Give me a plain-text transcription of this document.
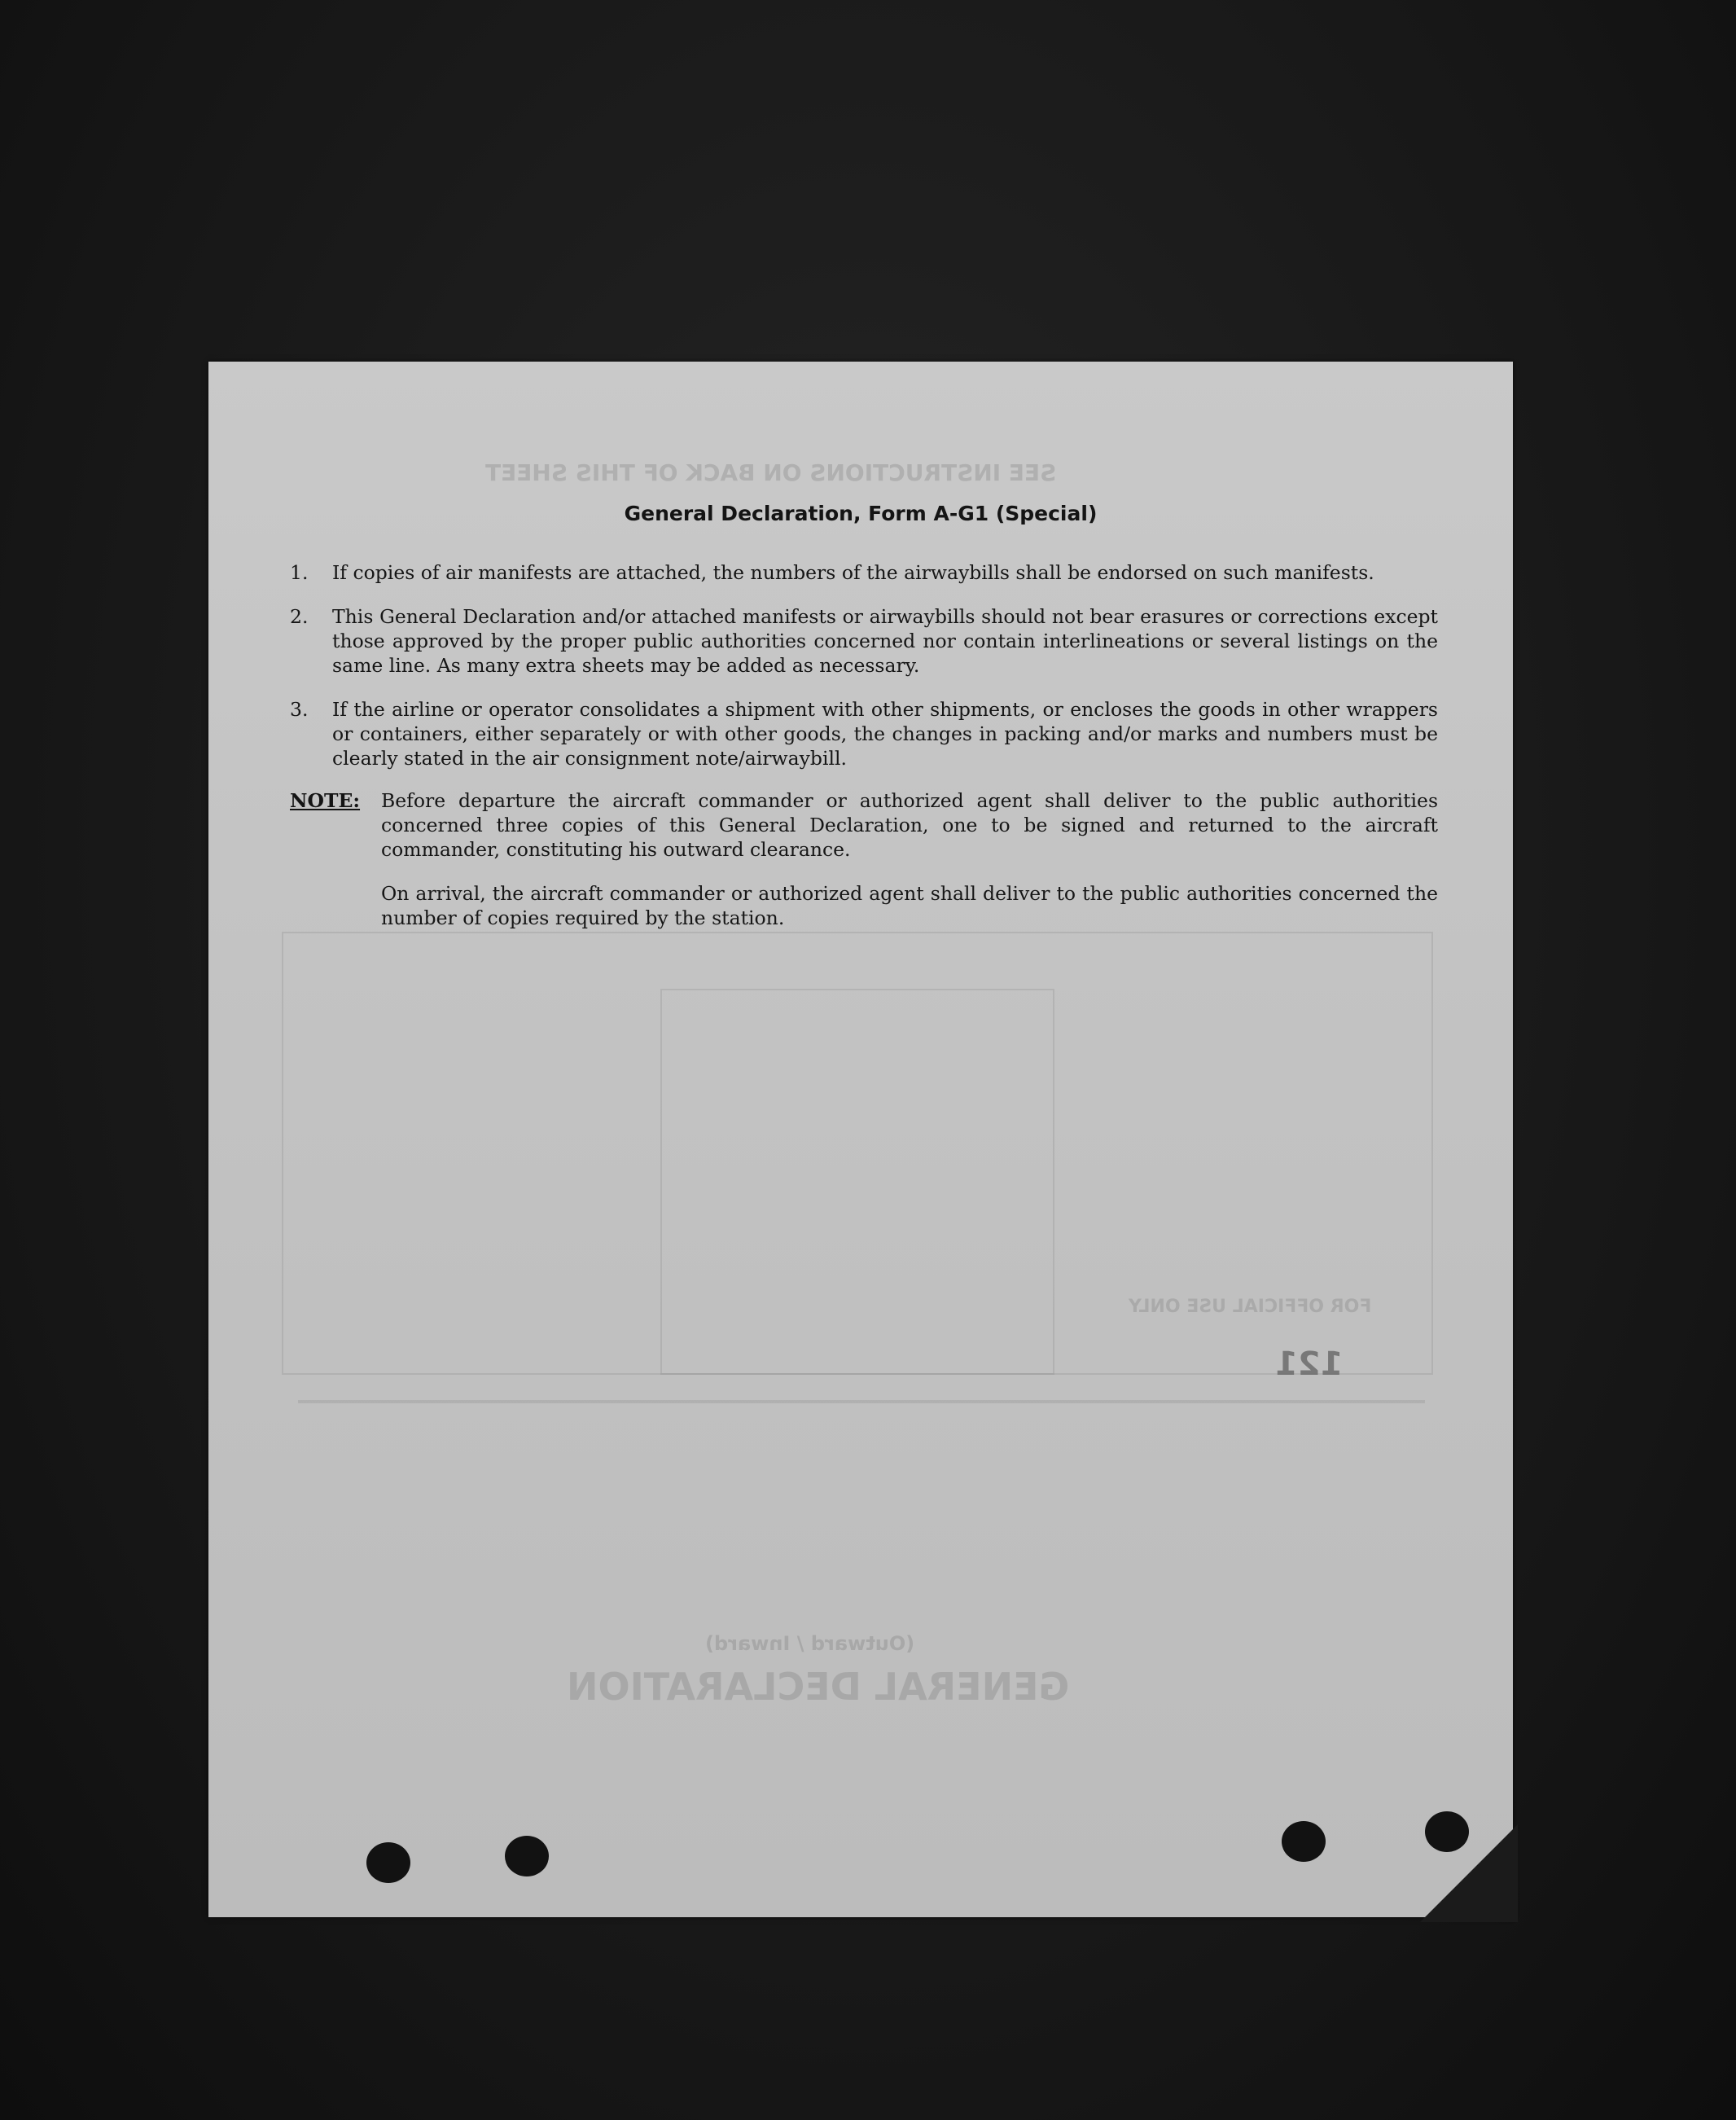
SEE INSTRUCTIONS ON BACK OF THIS SHEET
GENERAL DECLARATION
(Outward / Inward)
FOR OFFICIAL USE ONLY
121
General Declaration, Form A-G1 (Special)
1.	If copies of air manifests are attached, the numbers of the airwaybills shall be endorsed on such manifests.
2.	This General Declaration and/or attached manifests or airwaybills should not bear erasures or corrections except those approved by the proper public authorities concerned nor contain interlineations or several listings on the same line. As many extra sheets may be added as necessary.
3.	If the airline or operator consolidates a shipment with other shipments, or encloses the goods in other wrappers or containers, either separately or with other goods, the changes in packing and/or marks and numbers must be clearly stated in the air consignment note/airwaybill.
NOTE: Before departure the aircraft commander or authorized agent shall deliver to the public authorities concerned three copies of this General Declaration, one to be signed and returned to the aircraft commander, constituting his outward clearance.
On arrival, the aircraft commander or authorized agent shall deliver to the public authorities concerned the number of copies required by the station.
